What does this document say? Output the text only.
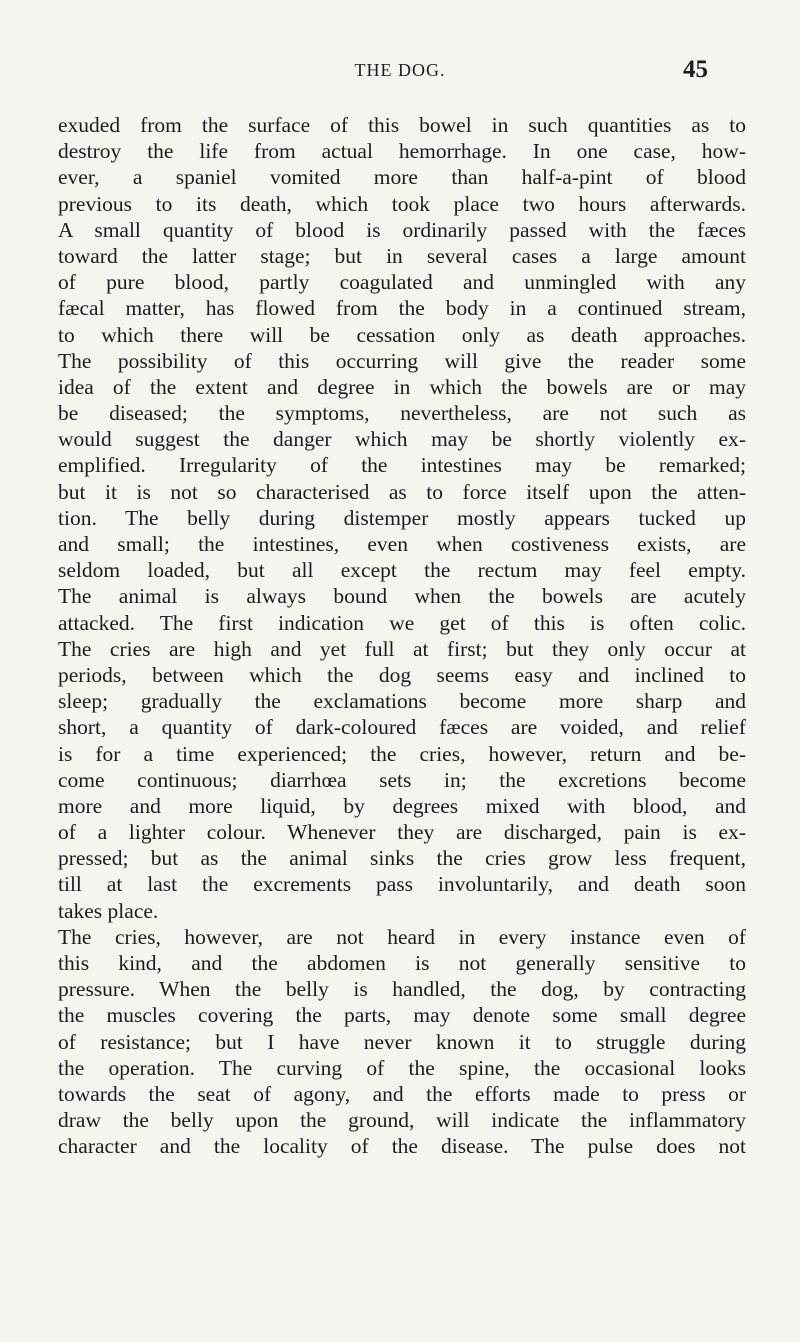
THE DOG.	45
exuded from the surface of this bowel in such quantities as to
destroy the life from actual hemorrhage. In one case, how-
ever, a spaniel vomited more than half-a-pint of blood
previous to its death, which took place two hours afterwards.
A small quantity of blood is ordinarily passed with the fæces
toward the latter stage; but in several cases a large amount
of pure blood, partly coagulated and unmingled with any
fæcal matter, has flowed from the body in a continued stream,
to which there will be cessation only as death approaches.
The possibility of this occurring will give the reader some
idea of the extent and degree in which the bowels are or may
be diseased; the symptoms, nevertheless, are not such as
would suggest the danger which may be shortly violently ex-
emplified. Irregularity of the intestines may be remarked;
but it is not so characterised as to force itself upon the atten-
tion. The belly during distemper mostly appears tucked up
and small; the intestines, even when costiveness exists, are
seldom loaded, but all except the rectum may feel empty.
The animal is always bound when the bowels are acutely
attacked. The first indication we get of this is often colic.
The cries are high and yet full at first; but they only occur at
periods, between which the dog seems easy and inclined to
sleep; gradually the exclamations become more sharp and
short, a quantity of dark-coloured fæces are voided, and relief
is for a time experienced; the cries, however, return and be-
come continuous; diarrhœa sets in; the excretions become
more and more liquid, by degrees mixed with blood, and
of a lighter colour. Whenever they are discharged, pain is ex-
pressed; but as the animal sinks the cries grow less frequent,
till at last the excrements pass involuntarily, and death soon
takes place.
The cries, however, are not heard in every instance even of
this kind, and the abdomen is not generally sensitive to
pressure. When the belly is handled, the dog, by contracting
the muscles covering the parts, may denote some small degree
of resistance; but I have never known it to struggle during
the operation. The curving of the spine, the occasional looks
towards the seat of agony, and the efforts made to press or
draw the belly upon the ground, will indicate the inflammatory
character and the locality of the disease. The pulse does not
